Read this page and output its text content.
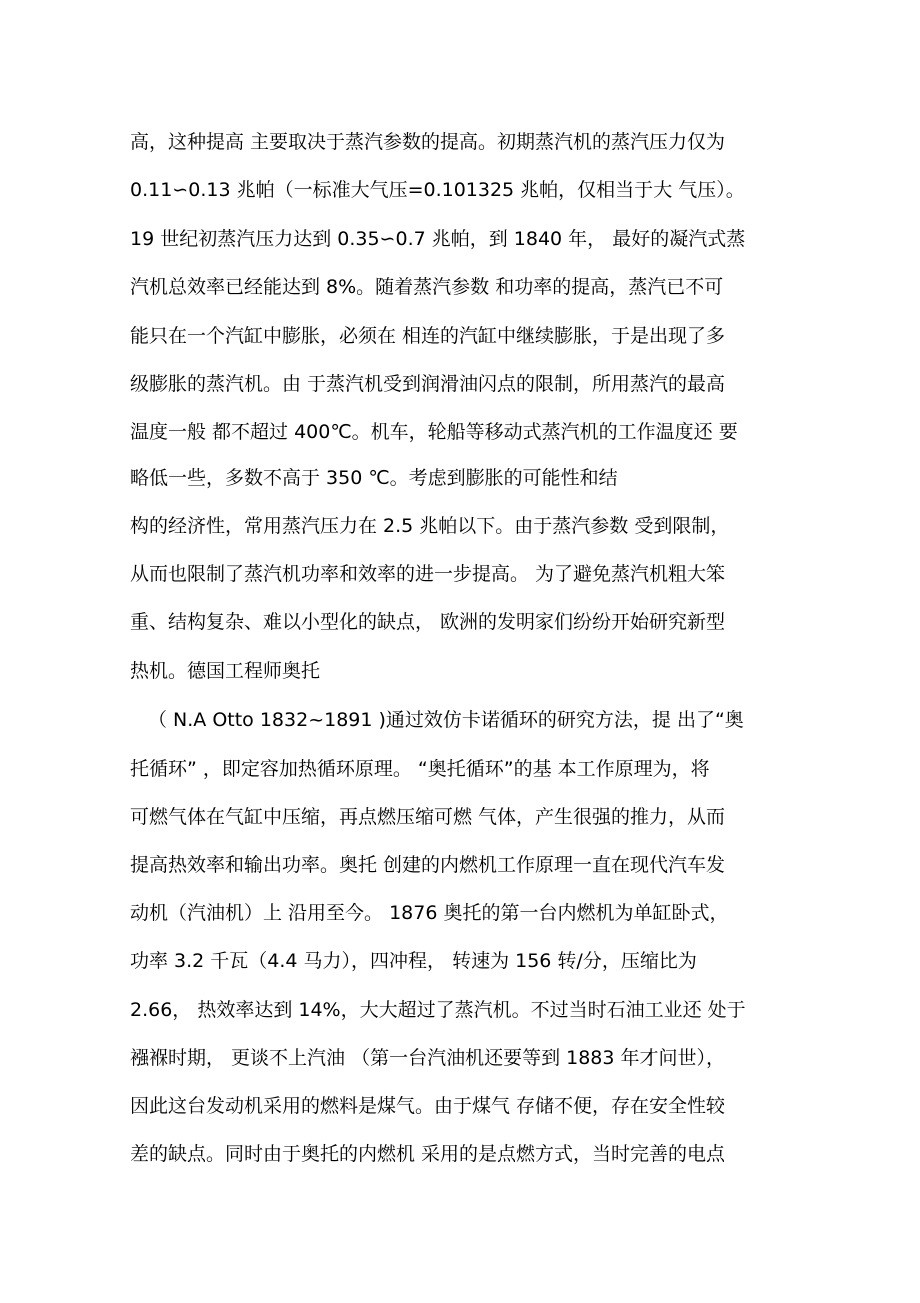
高，这种提高 主要取决于蒸汽参数的提高。初期蒸汽机的蒸汽压力仅为
0.11∽0.13 兆帕（一标准大气压=0.101325 兆帕，仅相当于大 气压）。
19 世纪初蒸汽压力达到 0.35∽0.7 兆帕，到 1840 年， 最好的凝汽式蒸
汽机总效率已经能达到 8%。随着蒸汽参数 和功率的提高，蒸汽已不可
能只在一个汽缸中膨胀，必须在 相连的汽缸中继续膨胀，于是出现了多
级膨胀的蒸汽机。由 于蒸汽机受到润滑油闪点的限制，所用蒸汽的最高
温度一般 都不超过 400℃。机车，轮船等移动式蒸汽机的工作温度还 要
略低一些，多数不高于 350 ℃。考虑到膨胀的可能性和结
构的经济性，常用蒸汽压力在 2.5 兆帕以下。由于蒸汽参数 受到限制，
从而也限制了蒸汽机功率和效率的进一步提高。 为了避免蒸汽机粗大笨
重、结构复杂、难以小型化的缺点， 欧洲的发明家们纷纷开始研究新型
热机。德国工程师奥托
（ N.A Otto 1832~1891 )通过效仿卡诺循环的研究方法，提 出了“奥
托循环” ，即定容加热循环原理。 “奥托循环”的基 本工作原理为，将
可燃气体在气缸中压缩，再点燃压缩可燃 气体，产生很强的推力，从而
提高热效率和输出功率。奥托 创建的内燃机工作原理一直在现代汽车发
动机（汽油机）上 沿用至今。 1876 奥托的第一台内燃机为单缸卧式，
功率 3.2 千瓦（4.4 马力），四冲程， 转速为 156 转/分，压缩比为
2.66， 热效率达到 14%，大大超过了蒸汽机。不过当时石油工业还 处于
襁褓时期， 更谈不上汽油 （第一台汽油机还要等到 1883 年才问世），
因此这台发动机采用的燃料是煤气。由于煤气 存储不便，存在安全性较
差的缺点。同时由于奥托的内燃机 采用的是点燃方式，当时完善的电点
